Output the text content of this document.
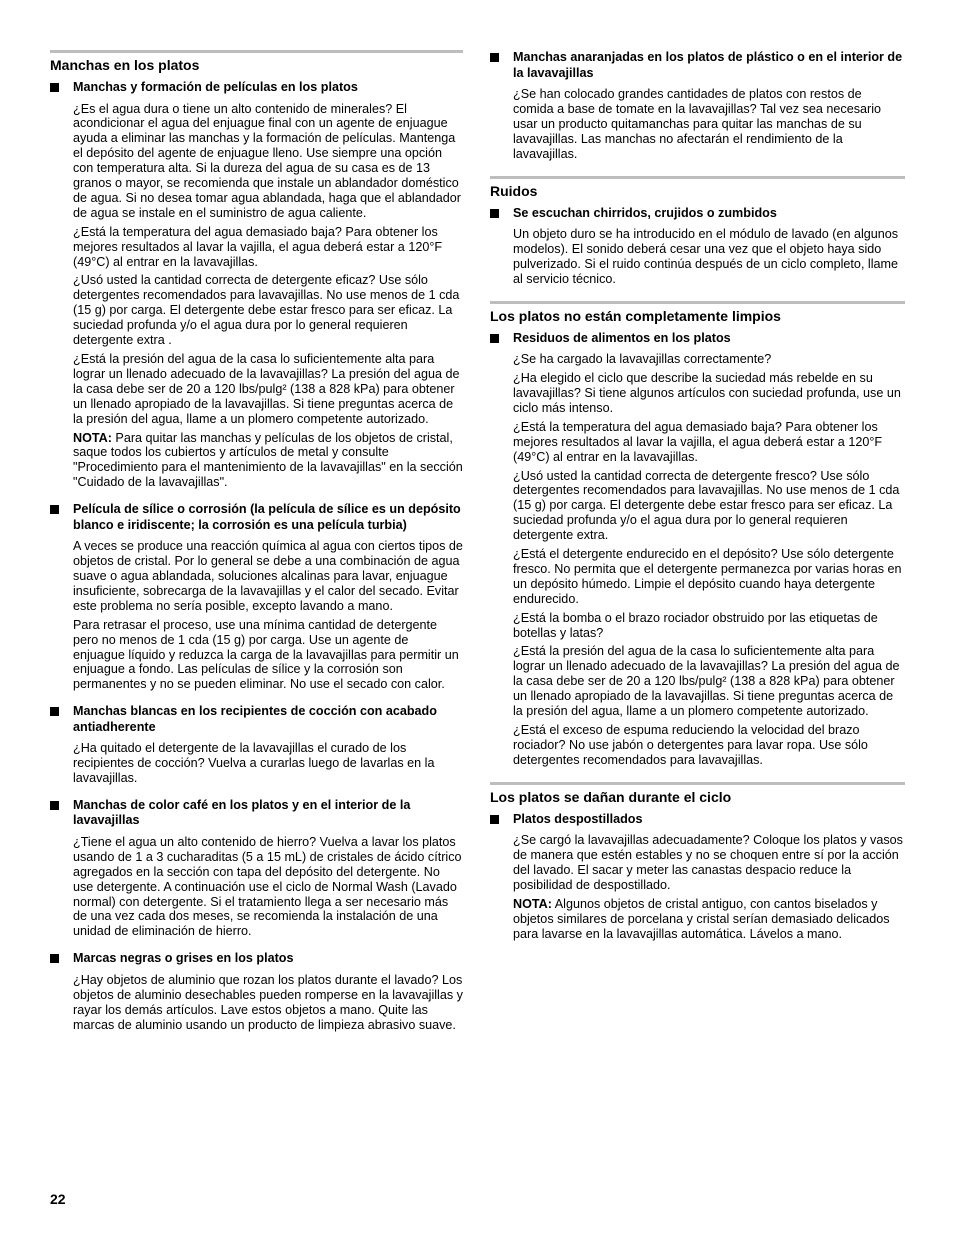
Manchas en los platos
Manchas y formación de películas en los platos
¿Es el agua dura o tiene un alto contenido de minerales? El acondicionar el agua del enjuague final con un agente de enjuague ayuda a eliminar las manchas y la formación de películas. Mantenga el depósito del agente de enjuague lleno. Use siempre una opción con temperatura alta. Si la dureza del agua de su casa es de 13 granos o mayor, se recomienda que instale un ablandador doméstico de agua. Si no desea tomar agua ablandada, haga que el ablandador de agua se instale en el suministro de agua caliente.
¿Está la temperatura del agua demasiado baja? Para obtener los mejores resultados al lavar la vajilla, el agua deberá estar a 120°F (49°C) al entrar en la lavavajillas.
¿Usó usted la cantidad correcta de detergente eficaz? Use sólo detergentes recomendados para lavavajillas. No use menos de 1 cda (15 g) por carga. El detergente debe estar fresco para ser eficaz. La suciedad profunda y/o el agua dura por lo general requieren detergente extra .
¿Está la presión del agua de la casa lo suficientemente alta para lograr un llenado adecuado de la lavavajillas? La presión del agua de la casa debe ser de 20 a 120 lbs/pulg² (138 a 828 kPa) para obtener un llenado apropiado de la lavavajillas. Si tiene preguntas acerca de la presión del agua, llame a un plomero competente autorizado.
NOTA: Para quitar las manchas y películas de los objetos de cristal, saque todos los cubiertos y artículos de metal y consulte "Procedimiento para el mantenimiento de la lavavajillas" en la sección "Cuidado de la lavavajillas".
Película de sílice o corrosión (la película de sílice es un depósito blanco e iridiscente; la corrosión es una película turbia)
A veces se produce una reacción química al agua con ciertos tipos de objetos de cristal. Por lo general se debe a una combinación de agua suave o agua ablandada, soluciones alcalinas para lavar, enjuague insuficiente, sobrecarga de la lavavajillas y el calor del secado. Evitar este problema no sería posible, excepto lavando a mano.
Para retrasar el proceso, use una mínima cantidad de detergente pero no menos de 1 cda (15 g) por carga. Use un agente de enjuague líquido y reduzca la carga de la lavavajillas para permitir un enjuague a fondo. Las películas de sílice y la corrosión son permanentes y no se pueden eliminar. No use el secado con calor.
Manchas blancas en los recipientes de cocción con acabado antiadherente
¿Ha quitado el detergente de la lavavajillas el curado de los recipientes de cocción? Vuelva a curarlas luego de lavarlas en la lavavajillas.
Manchas de color café en los platos y en el interior de la lavavajillas
¿Tiene el agua un alto contenido de hierro? Vuelva a lavar los platos usando de 1 a 3 cucharaditas (5 a 15 mL) de cristales de ácido cítrico agregados en la sección con tapa del depósito del detergente. No use detergente. A continuación use el ciclo de Normal Wash (Lavado normal) con detergente. Si el tratamiento llega a ser necesario más de una vez cada dos meses, se recomienda la instalación de una unidad de eliminación de hierro.
Marcas negras o grises en los platos
¿Hay objetos de aluminio que rozan los platos durante el lavado? Los objetos de aluminio desechables pueden romperse en la lavavajillas y rayar los demás artículos. Lave estos objetos a mano. Quite las marcas de aluminio usando un producto de limpieza abrasivo suave.
Manchas anaranjadas en los platos de plástico o en el interior de la lavavajillas
¿Se han colocado grandes cantidades de platos con restos de comida a base de tomate en la lavavajillas? Tal vez sea necesario usar un producto quitamanchas para quitar las manchas de su lavavajillas. Las manchas no afectarán el rendimiento de la lavavajillas.
Ruidos
Se escuchan chirridos, crujidos o zumbidos
Un objeto duro se ha introducido en el módulo de lavado (en algunos modelos). El sonido deberá cesar una vez que el objeto haya sido pulverizado. Si el ruido continúa después de un ciclo completo, llame al servicio técnico.
Los platos no están completamente limpios
Residuos de alimentos en los platos
¿Se ha cargado la lavavajillas correctamente?
¿Ha elegido el ciclo que describe la suciedad más rebelde en su lavavajillas? Si tiene algunos artículos con suciedad profunda, use un ciclo más intenso.
¿Está la temperatura del agua demasiado baja? Para obtener los mejores resultados al lavar la vajilla, el agua deberá estar a 120°F (49°C) al entrar en la lavavajillas.
¿Usó usted la cantidad correcta de detergente fresco? Use sólo detergentes recomendados para lavavajillas. No use menos de 1 cda (15 g) por carga. El detergente debe estar fresco para ser eficaz. La suciedad profunda y/o el agua dura por lo general requieren detergente extra.
¿Está el detergente endurecido en el depósito? Use sólo detergente fresco. No permita que el detergente permanezca por varias horas en un depósito húmedo. Limpie el depósito cuando haya detergente endurecido.
¿Está la bomba o el brazo rociador obstruido por las etiquetas de botellas y latas?
¿Está la presión del agua de la casa lo suficientemente alta para lograr un llenado adecuado de la lavavajillas? La presión del agua de la casa debe ser de 20 a 120 lbs/pulg² (138 a 828 kPa) para obtener un llenado apropiado de la lavavajillas. Si tiene preguntas acerca de la presión del agua, llame a un plomero competente autorizado.
¿Está el exceso de espuma reduciendo la velocidad del brazo rociador? No use jabón o detergentes para lavar ropa. Use sólo detergentes recomendados para lavavajillas.
Los platos se dañan durante el ciclo
Platos despostillados
¿Se cargó la lavavajillas adecuadamente? Coloque los platos y vasos de manera que estén estables y no se choquen entre sí por la acción del lavado. El sacar y meter las canastas despacio reduce la posibilidad de despostillado.
NOTA: Algunos objetos de cristal antiguo, con cantos biselados y objetos similares de porcelana y cristal serían demasiado delicados para lavarse en la lavavajillas automática. Lávelos a mano.
22
